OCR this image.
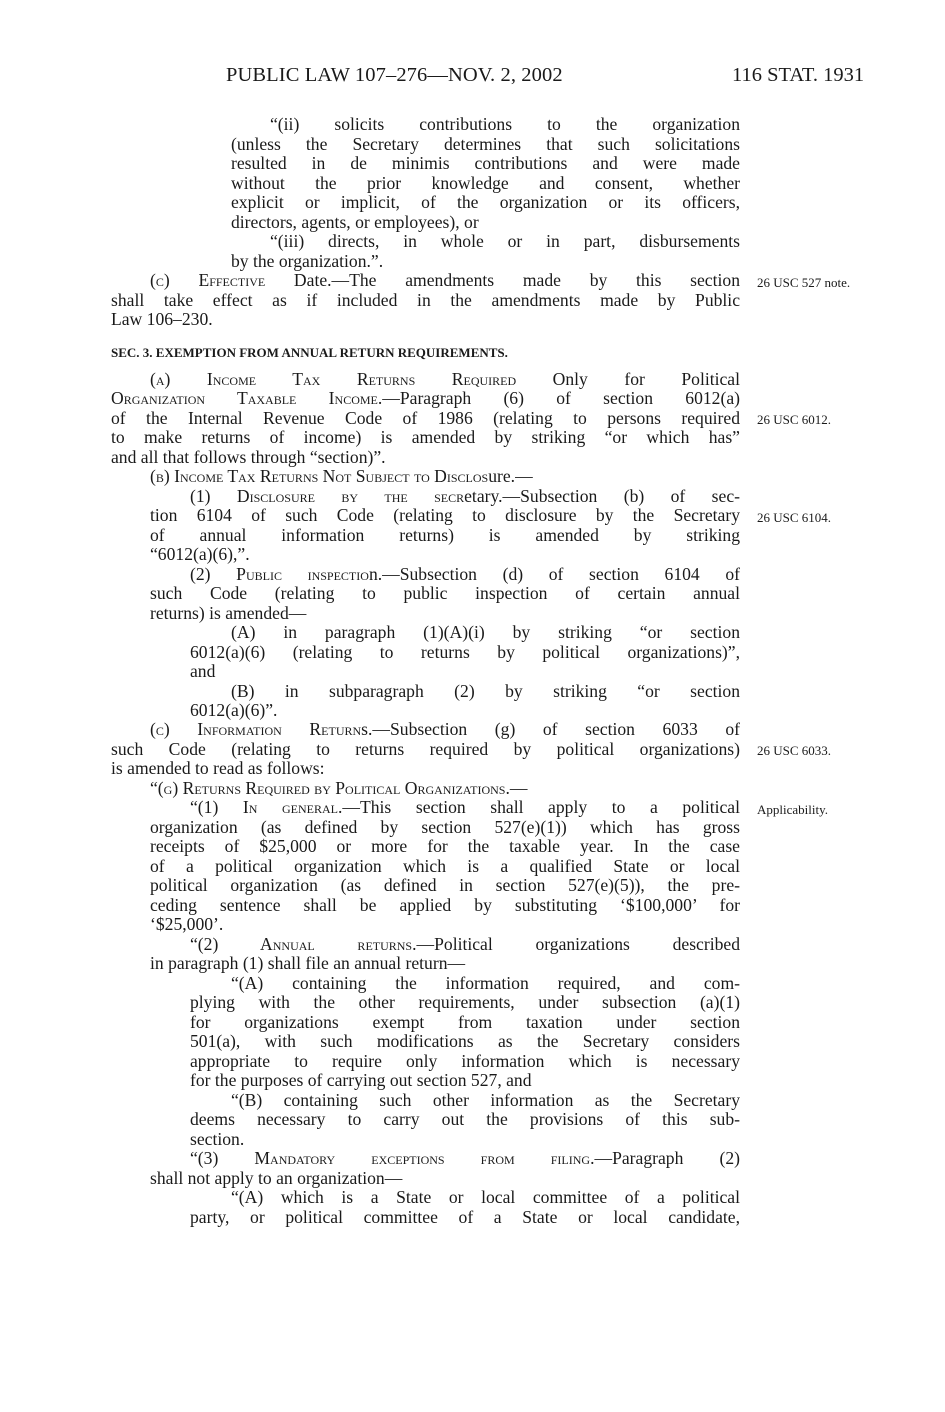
PUBLIC LAW 107–276—NOV. 2, 2002	116 STAT. 1931
SEC. 3. EXEMPTION FROM ANNUAL RETURN REQUIREMENTS.
“(ii) solicits contributions to the organization
(unless the Secretary determines that such solicitations
resulted in de minimis contributions and were made
without the prior knowledge and consent, whether
explicit or implicit, of the organization or its officers,
directors, agents, or employees), or
“(iii) directs, in whole or in part, disbursements
by the organization.”.
(c) Effective Date.—The amendments made by this section
shall take effect as if included in the amendments made by Public
Law 106–230.
(a) Income Tax Returns Required Only for Political
Organization Taxable Income.—Paragraph (6) of section 6012(a)
of the Internal Revenue Code of 1986 (relating to persons required
to make returns of income) is amended by striking “or which has”
and all that follows through “section)”.
(b) Income Tax Returns Not Subject to Disclosure.—
(1) Disclosure by the secretary.—Subsection (b) of sec-
tion 6104 of such Code (relating to disclosure by the Secretary
of annual information returns) is amended by striking
“6012(a)(6),”.
(2) Public inspection.—Subsection (d) of section 6104 of
such Code (relating to public inspection of certain annual
returns) is amended—
(A) in paragraph (1)(A)(i) by striking “or section
6012(a)(6) (relating to returns by political organizations)”,
and
(B) in subparagraph (2) by striking “or section
6012(a)(6)”.
(c) Information Returns.—Subsection (g) of section 6033 of
such Code (relating to returns required by political organizations)
is amended to read as follows:
“(g) Returns Required by Political Organizations.—
“(1) In general.—This section shall apply to a political
organization (as defined by section 527(e)(1)) which has gross
receipts of $25,000 or more for the taxable year. In the case
of a political organization which is a qualified State or local
political organization (as defined in section 527(e)(5)), the pre-
ceding sentence shall be applied by substituting ‘$100,000’ for
‘$25,000’.
“(2) Annual returns.—Political organizations described
in paragraph (1) shall file an annual return—
“(A) containing the information required, and com-
plying with the other requirements, under subsection (a)(1)
for organizations exempt from taxation under section
501(a), with such modifications as the Secretary considers
appropriate to require only information which is necessary
for the purposes of carrying out section 527, and
“(B) containing such other information as the Secretary
deems necessary to carry out the provisions of this sub-
section.
“(3) Mandatory exceptions from filing.—Paragraph (2)
shall not apply to an organization—
“(A) which is a State or local committee of a political
party, or political committee of a State or local candidate,
26 USC 527 note.
26 USC 6012.
26 USC 6104.
26 USC 6033.
Applicability.
